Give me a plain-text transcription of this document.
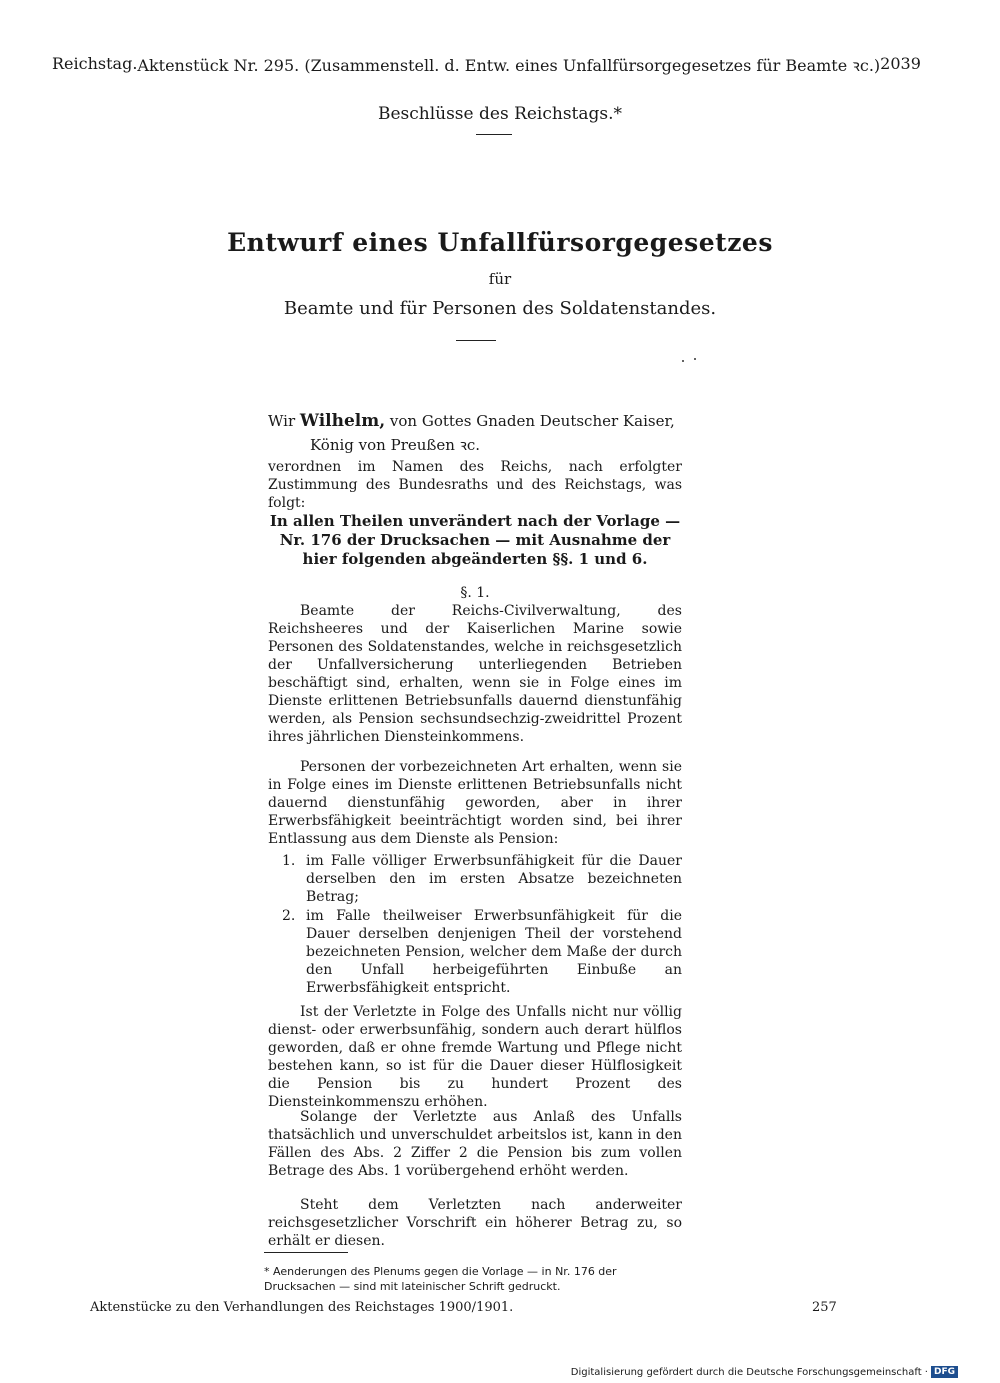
Reichstag. Aktenstück Nr. 295. (Zusammenstell. d. Entw. eines Unfallfürsorgegesetzes für Beamte ꝛc.) 2039
Beschlüsse des Reichstags.*
Entwurf eines Unfallfürsorgegesetzes
für
Beamte und für Personen des Soldatenstandes.
Wir Wilhelm, von Gottes Gnaden Deutscher Kaiser,
König von Preußen ꝛc.
verordnen im Namen des Reichs, nach erfolgter Zustimmung des Bundesraths und des Reichstags, was folgt:
In allen Theilen unverändert nach der Vorlage — Nr. 176 der Drucksachen — mit Ausnahme der hier folgenden abgeänderten §§. 1 und 6.
§. 1.
Beamte der Reichs-Civilverwaltung, des Reichsheeres und der Kaiserlichen Marine sowie Personen des Soldatenstandes, welche in reichsgesetzlich der Unfallversicherung unterliegenden Betrieben beschäftigt sind, erhalten, wenn sie in Folge eines im Dienste erlittenen Betriebsunfalls dauernd dienstunfähig werden, als Pension sechsundsechzig-zweidrittel Prozent ihres jährlichen Diensteinkommens.
Personen der vorbezeichneten Art erhalten, wenn sie in Folge eines im Dienste erlittenen Betriebsunfalls nicht dauernd dienstunfähig geworden, aber in ihrer Erwerbsfähigkeit beeinträchtigt worden sind, bei ihrer Entlassung aus dem Dienste als Pension:
1. im Falle völliger Erwerbsunfähigkeit für die Dauer derselben den im ersten Absatze bezeichneten Betrag;
2. im Falle theilweiser Erwerbsunfähigkeit für die Dauer derselben denjenigen Theil der vorstehend bezeichneten Pension, welcher dem Maße der durch den Unfall herbeigeführten Einbuße an Erwerbsfähigkeit entspricht.
Ist der Verletzte in Folge des Unfalls nicht nur völlig dienst- oder erwerbsunfähig, sondern auch derart hülflos geworden, daß er ohne fremde Wartung und Pflege nicht bestehen kann, so ist für die Dauer dieser Hülflosigkeit die Pension bis zu hundert Prozent des Diensteinkommenszu erhöhen.
Solange der Verletzte aus Anlaß des Unfalls thatsächlich und unverschuldet arbeitslos ist, kann in den Fällen des Abs. 2 Ziffer 2 die Pension bis zum vollen Betrage des Abs. 1 vorübergehend erhöht werden.
Steht dem Verletzten nach anderweiter reichsgesetzlicher Vorschrift ein höherer Betrag zu, so erhält er diesen.
* Aenderungen des Plenums gegen die Vorlage — in Nr. 176 der Drucksachen — sind mit lateinischer Schrift gedruckt.
Aktenstücke zu den Verhandlungen des Reichstages 1900/1901.	257
Digitalisierung gefördert durch die Deutsche Forschungsgemeinschaft · DFG
